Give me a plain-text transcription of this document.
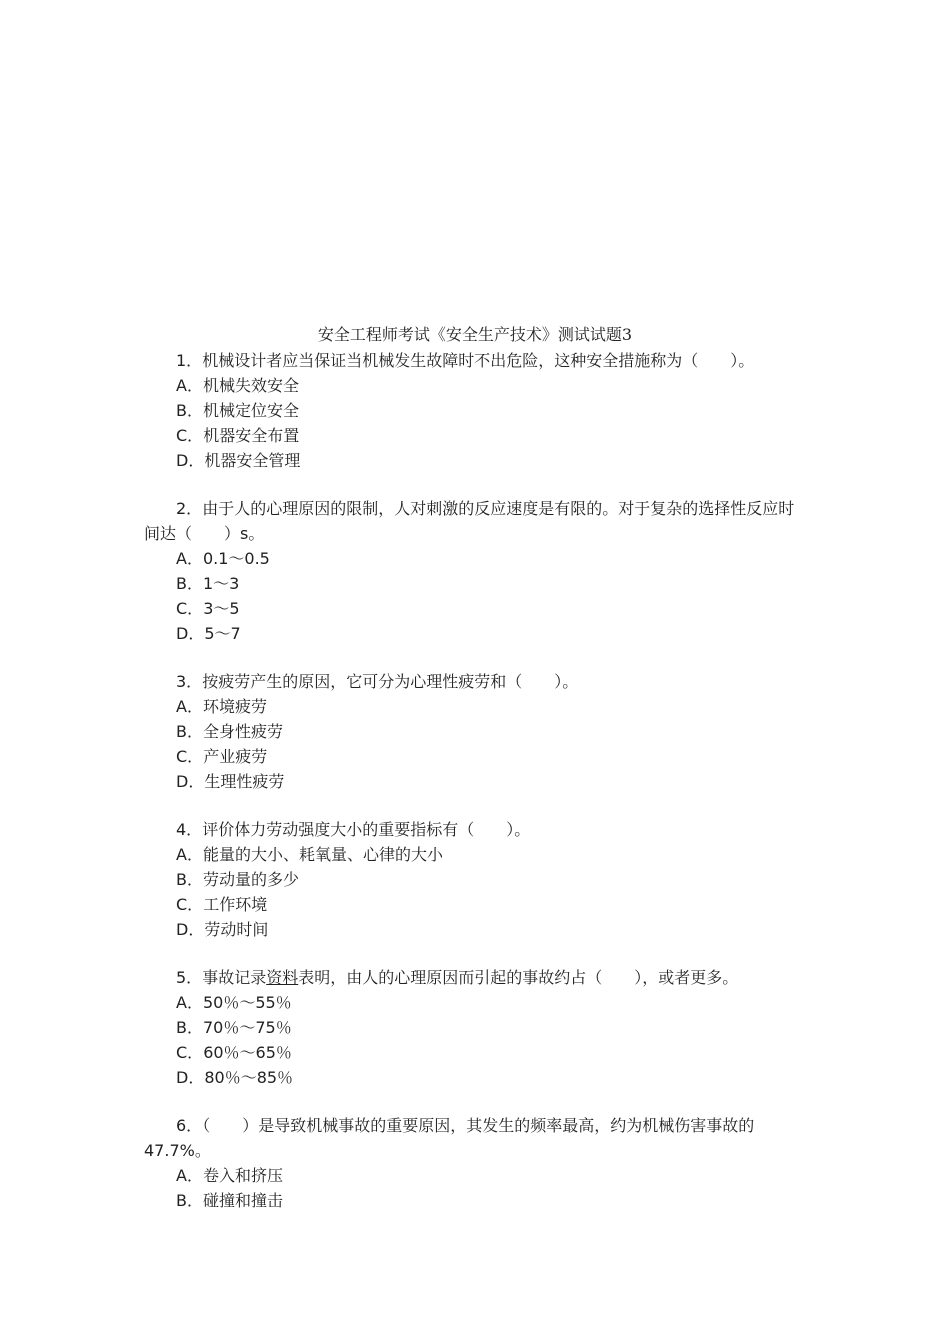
安全工程师考试《安全生产技术》测试试题3

1．机械设计者应当保证当机械发生故障时不出危险，这种安全措施称为（　　）。

A．机械失效安全

B．机械定位安全

C．机器安全布置

D．机器安全管理

2．由于人的心理原因的限制，人对刺激的反应速度是有限的。对于复杂的选择性反应时间达（　　）s。

A．0.1～0.5

B．1～3

C．3～5

D．5～7

3．按疲劳产生的原因，它可分为心理性疲劳和（　　）。

A．环境疲劳

B．全身性疲劳

C．产业疲劳

D．生理性疲劳

4．评价体力劳动强度大小的重要指标有（　　）。

A．能量的大小、耗氧量、心律的大小

B．劳动量的多少

C．工作环境

D．劳动时间

5．事故记录资料表明，由人的心理原因而引起的事故约占（　　），或者更多。

A．50％～55％

B．70％～75％

C．60％～65％

D．80％～85％

6．（　　）是导致机械事故的重要原因，其发生的频率最高，约为机械伤害事故的47.7%。

A．卷入和挤压

B．碰撞和撞击
